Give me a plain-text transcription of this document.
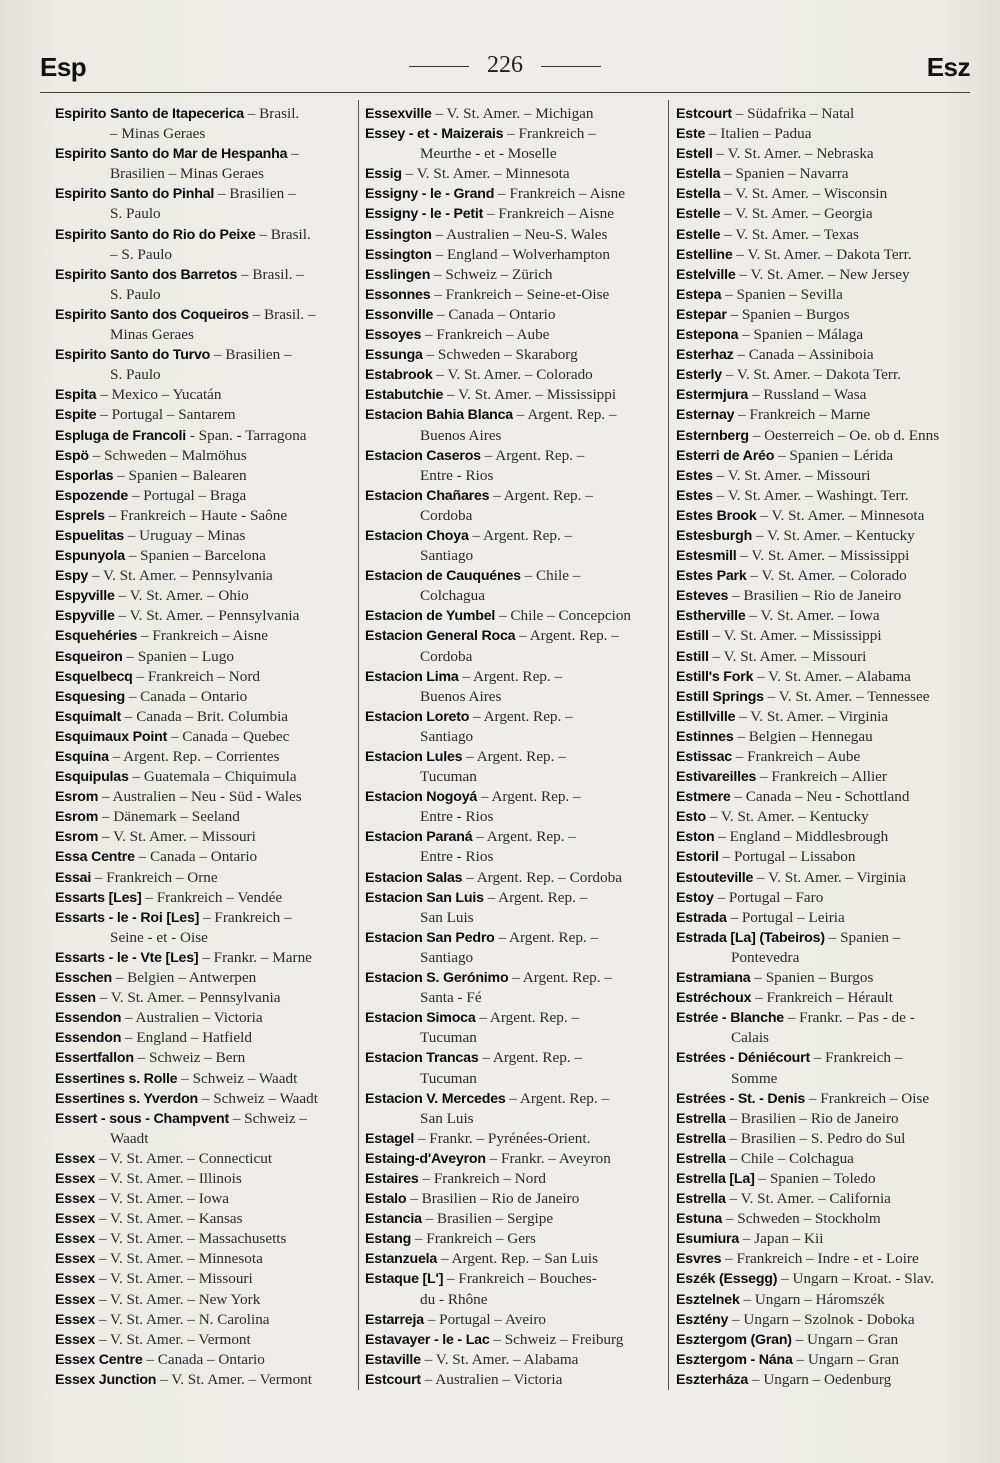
Esp	226	Esz
Espirito Santo de Itapecerica – Brasil.
– Minas Geraes
Espirito Santo do Mar de Hespanha –
Brasilien – Minas Geraes
Espirito Santo do Pinhal – Brasilien –
S. Paulo
Espirito Santo do Rio do Peixe – Brasil.
– S. Paulo
Espirito Santo dos Barretos – Brasil. –
S. Paulo
Espirito Santo dos Coqueiros – Brasil. –
Minas Geraes
Espirito Santo do Turvo – Brasilien –
S. Paulo
Espita – Mexico – Yucatán
Espite – Portugal – Santarem
Espluga de Francoli - Span. - Tarragona
Espö – Schweden – Malmöhus
Esporlas – Spanien – Balearen
Espozende – Portugal – Braga
Esprels – Frankreich – Haute - Saône
Espuelitas – Uruguay – Minas
Espunyola – Spanien – Barcelona
Espy – V. St. Amer. – Pennsylvania
Espyville – V. St. Amer. – Ohio
Espyville – V. St. Amer. – Pennsylvania
Esquehéries – Frankreich – Aisne
Esqueiron – Spanien – Lugo
Esquelbecq – Frankreich – Nord
Esquesing – Canada – Ontario
Esquimalt – Canada – Brit. Columbia
Esquimaux Point – Canada – Quebec
Esquina – Argent. Rep. – Corrientes
Esquipulas – Guatemala – Chiquimula
Esrom – Australien – Neu - Süd - Wales
Esrom – Dänemark – Seeland
Esrom – V. St. Amer. – Missouri
Essa Centre – Canada – Ontario
Essai – Frankreich – Orne
Essarts [Les] – Frankreich – Vendée
Essarts - le - Roi [Les] – Frankreich –
Seine - et - Oise
Essarts - le - Vte [Les] – Frankr. – Marne
Esschen – Belgien – Antwerpen
Essen – V. St. Amer. – Pennsylvania
Essendon – Australien – Victoria
Essendon – England – Hatfield
Essertfallon – Schweiz – Bern
Essertines s. Rolle – Schweiz – Waadt
Essertines s. Yverdon – Schweiz – Waadt
Essert - sous - Champvent – Schweiz –
Waadt
Essex – V. St. Amer. – Connecticut
Essex – V. St. Amer. – Illinois
Essex – V. St. Amer. – Iowa
Essex – V. St. Amer. – Kansas
Essex – V. St. Amer. – Massachusetts
Essex – V. St. Amer. – Minnesota
Essex – V. St. Amer. – Missouri
Essex – V. St. Amer. – New York
Essex – V. St. Amer. – N. Carolina
Essex – V. St. Amer. – Vermont
Essex Centre – Canada – Ontario
Essex Junction – V. St. Amer. – Vermont
Essexville – V. St. Amer. – Michigan
Essey - et - Maizerais – Frankreich –
Meurthe - et - Moselle
Essig – V. St. Amer. – Minnesota
Essigny - le - Grand – Frankreich – Aisne
Essigny - le - Petit – Frankreich – Aisne
Essington – Australien – Neu-S. Wales
Essington – England – Wolverhampton
Esslingen – Schweiz – Zürich
Essonnes – Frankreich – Seine-et-Oise
Essonville – Canada – Ontario
Essoyes – Frankreich – Aube
Essunga – Schweden – Skaraborg
Estabrook – V. St. Amer. – Colorado
Estabutchie – V. St. Amer. – Mississippi
Estacion Bahia Blanca – Argent. Rep. –
Buenos Aires
Estacion Caseros – Argent. Rep. –
Entre - Rios
Estacion Chañares – Argent. Rep. –
Cordoba
Estacion Choya – Argent. Rep. –
Santiago
Estacion de Cauquénes – Chile –
Colchagua
Estacion de Yumbel – Chile – Concepcion
Estacion General Roca – Argent. Rep. –
Cordoba
Estacion Lima – Argent. Rep. –
Buenos Aires
Estacion Loreto – Argent. Rep. –
Santiago
Estacion Lules – Argent. Rep. –
Tucuman
Estacion Nogoyá – Argent. Rep. –
Entre - Rios
Estacion Paraná – Argent. Rep. –
Entre - Rios
Estacion Salas – Argent. Rep. – Cordoba
Estacion San Luis – Argent. Rep. –
San Luis
Estacion San Pedro – Argent. Rep. –
Santiago
Estacion S. Gerónimo – Argent. Rep. –
Santa - Fé
Estacion Simoca – Argent. Rep. –
Tucuman
Estacion Trancas – Argent. Rep. –
Tucuman
Estacion V. Mercedes – Argent. Rep. –
San Luis
Estagel – Frankr. – Pyrénées-Orient.
Estaing-d'Aveyron – Frankr. – Aveyron
Estaires – Frankreich – Nord
Estalo – Brasilien – Rio de Janeiro
Estancia – Brasilien – Sergipe
Estang – Frankreich – Gers
Estanzuela – Argent. Rep. – San Luis
Estaque [L'] – Frankreich – Bouches-
du - Rhône
Estarreja – Portugal – Aveiro
Estavayer - le - Lac – Schweiz – Freiburg
Estaville – V. St. Amer. – Alabama
Estcourt – Australien – Victoria
Estcourt – Südafrika – Natal
Este – Italien – Padua
Estell – V. St. Amer. – Nebraska
Estella – Spanien – Navarra
Estella – V. St. Amer. – Wisconsin
Estelle – V. St. Amer. – Georgia
Estelle – V. St. Amer. – Texas
Estelline – V. St. Amer. – Dakota Terr.
Estelville – V. St. Amer. – New Jersey
Estepa – Spanien – Sevilla
Estepar – Spanien – Burgos
Estepona – Spanien – Málaga
Esterhaz – Canada – Assiniboia
Esterly – V. St. Amer. – Dakota Terr.
Estermjura – Russland – Wasa
Esternay – Frankreich – Marne
Esternberg – Oesterreich – Oe. ob d. Enns
Esterri de Aréo – Spanien – Lérida
Estes – V. St. Amer. – Missouri
Estes – V. St. Amer. – Washingt. Terr.
Estes Brook – V. St. Amer. – Minnesota
Estesburgh – V. St. Amer. – Kentucky
Estesmill – V. St. Amer. – Mississippi
Estes Park – V. St. Amer. – Colorado
Esteves – Brasilien – Rio de Janeiro
Estherville – V. St. Amer. – Iowa
Estill – V. St. Amer. – Mississippi
Estill – V. St. Amer. – Missouri
Estill's Fork – V. St. Amer. – Alabama
Estill Springs – V. St. Amer. – Tennessee
Estillville – V. St. Amer. – Virginia
Estinnes – Belgien – Hennegau
Estissac – Frankreich – Aube
Estivareilles – Frankreich – Allier
Estmere – Canada – Neu - Schottland
Esto – V. St. Amer. – Kentucky
Eston – England – Middlesbrough
Estoril – Portugal – Lissabon
Estouteville – V. St. Amer. – Virginia
Estoy – Portugal – Faro
Estrada – Portugal – Leiria
Estrada [La] (Tabeiros) – Spanien –
Pontevedra
Estramiana – Spanien – Burgos
Estréchoux – Frankreich – Hérault
Estrée - Blanche – Frankr. – Pas - de -
Calais
Estrées - Déniécourt – Frankreich –
Somme
Estrées - St. - Denis – Frankreich – Oise
Estrella – Brasilien – Rio de Janeiro
Estrella – Brasilien – S. Pedro do Sul
Estrella – Chile – Colchagua
Estrella [La] – Spanien – Toledo
Estrella – V. St. Amer. – California
Estuna – Schweden – Stockholm
Esumiura – Japan – Kii
Esvres – Frankreich – Indre - et - Loire
Eszék (Essegg) – Ungarn – Kroat. - Slav.
Esztelnek – Ungarn – Háromszék
Esztény – Ungarn – Szolnok - Doboka
Esztergom (Gran) – Ungarn – Gran
Esztergom - Nána – Ungarn – Gran
Eszterháza – Ungarn – Oedenburg
